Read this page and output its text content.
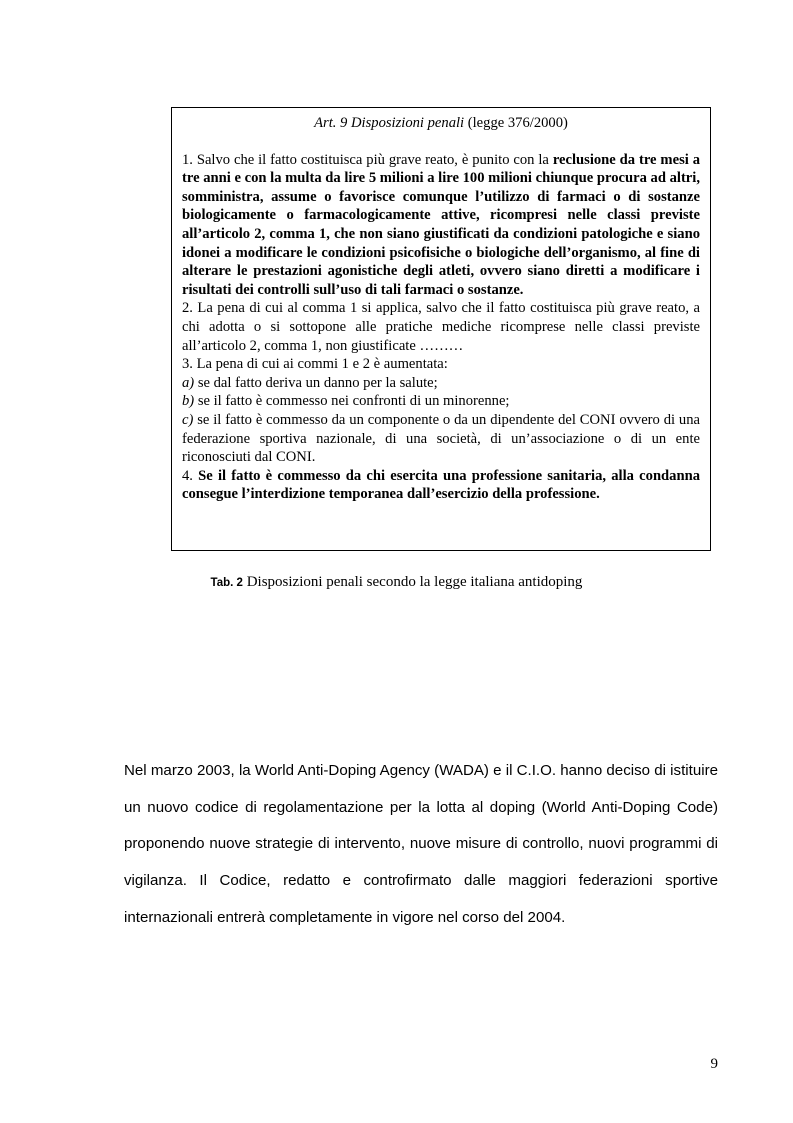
Art. 9 Disposizioni penali (legge 376/2000)

1. Salvo che il fatto costituisca più grave reato, è punito con la reclusione da tre mesi a tre anni e con la multa da lire 5 milioni a lire 100 milioni chiunque procura ad altri, somministra, assume o favorisce comunque l’utilizzo di farmaci o di sostanze biologicamente o farmacologicamente attive, ricompresi nelle classi previste all’articolo 2, comma 1, che non siano giustificati da condizioni patologiche e siano idonei a modificare le condizioni psicofisiche o biologiche dell’organismo, al fine di alterare le prestazioni agonistiche degli atleti, ovvero siano diretti a modificare i risultati dei controlli sull’uso di tali farmaci o sostanze.

2. La pena di cui al comma 1 si applica, salvo che il fatto costituisca più grave reato, a chi adotta o si sottopone alle pratiche mediche ricomprese nelle classi previste all’articolo 2, comma 1, non giustificate ………

3. La pena di cui ai commi 1 e 2 è aumentata:

a) se dal fatto deriva un danno per la salute;

b) se il fatto è commesso nei confronti di un minorenne;

c) se il fatto è commesso da un componente o da un dipendente del CONI ovvero di una federazione sportiva nazionale, di una società, di un’associazione o di un ente riconosciuti dal CONI.

4. Se il fatto è commesso da chi esercita una professione sanitaria, alla condanna consegue l’interdizione temporanea dall’esercizio della professione.

Tab. 2 Disposizioni penali secondo la legge italiana antidoping

Nel marzo 2003, la World Anti-Doping Agency (WADA) e il C.I.O. hanno deciso di istituire un nuovo codice di regolamentazione per la lotta al doping (World Anti-Doping Code) proponendo nuove strategie di intervento, nuove misure di controllo, nuovi programmi di vigilanza. Il Codice, redatto e controfirmato dalle maggiori federazioni sportive internazionali entrerà completamente in vigore nel corso del 2004.

9
